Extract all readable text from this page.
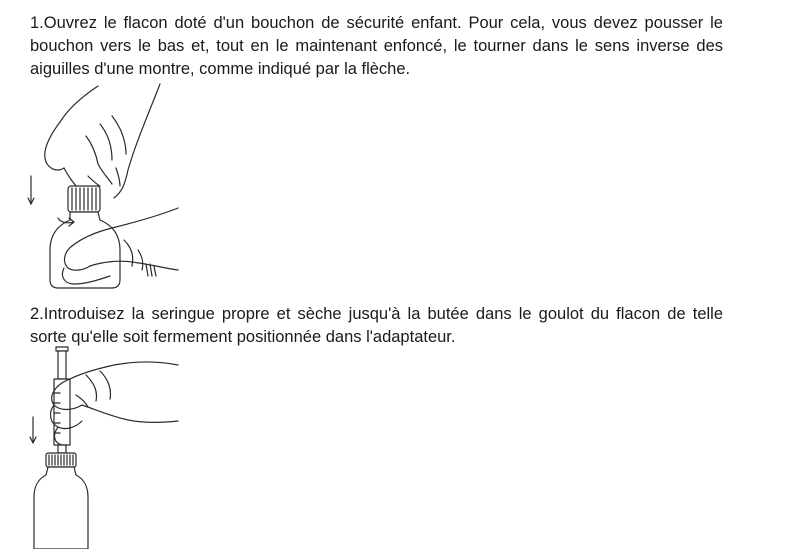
1.Ouvrez le flacon doté d'un bouchon de sécurité enfant. Pour cela, vous devez pousser le bouchon vers le bas et, tout en le maintenant enfoncé, le tourner dans le sens inverse des aiguilles d'une montre, comme indiqué par la flèche.

2.Introduisez la seringue propre et sèche jusqu'à la butée dans le goulot du flacon de telle sorte qu'elle soit fermement positionnée dans l'adaptateur.
